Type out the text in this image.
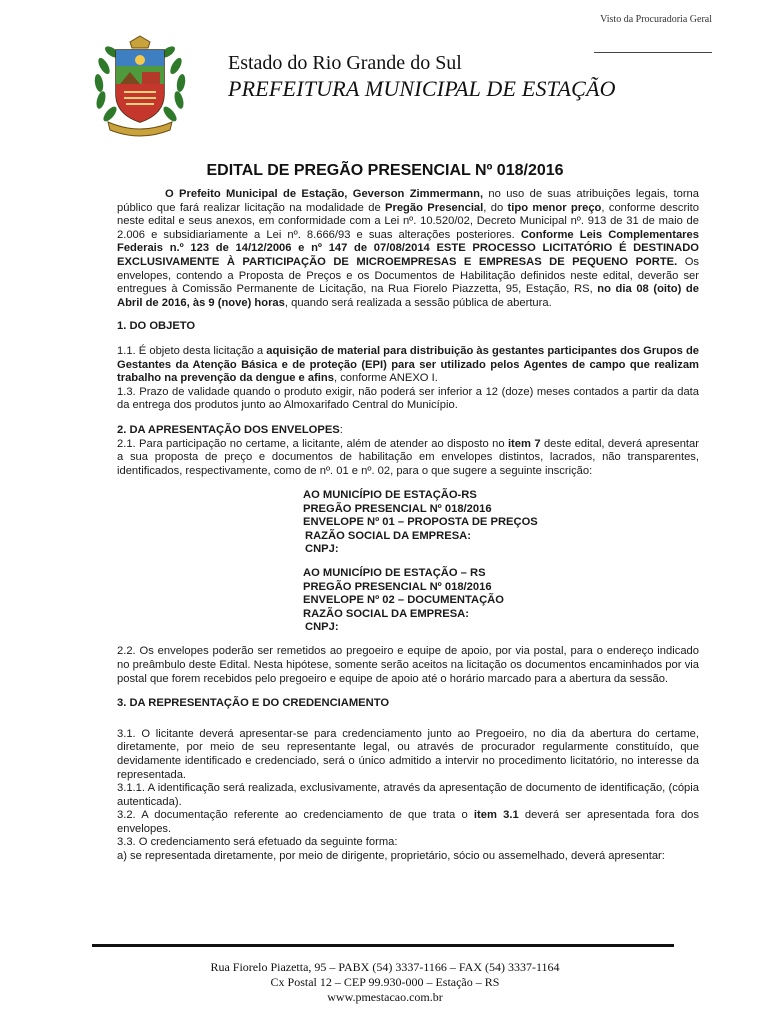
Visto da Procuradoria Geral
Estado do Rio Grande do Sul
PREFEITURA MUNICIPAL DE ESTAÇÃO
EDITAL DE PREGÃO PRESENCIAL Nº 018/2016

O Prefeito Municipal de Estação, Geverson Zimmermann, no uso de suas atribuições legais, torna público que fará realizar licitação na modalidade de Pregão Presencial, do tipo menor preço, conforme descrito neste edital e seus anexos, em conformidade com a Lei nº. 10.520/02, Decreto Municipal nº. 913 de 31 de maio de 2.006 e subsidiariamente a Lei nº. 8.666/93 e suas alterações posteriores. Conforme Leis Complementares Federais n.º 123 de 14/12/2006 e nº 147 de 07/08/2014 ESTE PROCESSO LICITATÓRIO É DESTINADO EXCLUSIVAMENTE À PARTICIPAÇÃO DE MICROEMPRESAS E EMPRESAS DE PEQUENO PORTE. Os envelopes, contendo a Proposta de Preços e os Documentos de Habilitação definidos neste edital, deverão ser entregues à Comissão Permanente de Licitação, na Rua Fiorelo Piazzetta, 95, Estação, RS, no dia 08 (oito) de Abril de 2016, às 9 (nove) horas, quando será realizada a sessão pública de abertura.

1. DO OBJETO

1.1. É objeto desta licitação a aquisição de material para distribuição às gestantes participantes dos Grupos de Gestantes da Atenção Básica e de proteção (EPI) para ser utilizado pelos Agentes de campo que realizam trabalho na prevenção da dengue e afins, conforme ANEXO I.

1.3. Prazo de validade quando o produto exigir, não poderá ser inferior a 12 (doze) meses contados a partir da data da entrega dos produtos junto ao Almoxarifado Central do Município.

2. DA APRESENTAÇÃO DOS ENVELOPES:

2.1. Para participação no certame, a licitante, além de atender ao disposto no item 7 deste edital, deverá apresentar a sua proposta de preço e documentos de habilitação em envelopes distintos, lacrados, não transparentes, identificados, respectivamente, como de nº. 01 e nº. 02, para o que sugere a seguinte inscrição:

AO MUNICÍPIO DE ESTAÇÃO-RS
PREGÃO PRESENCIAL Nº 018/2016
ENVELOPE Nº 01 – PROPOSTA DE PREÇOS
RAZÃO SOCIAL DA EMPRESA:
CNPJ:
AO MUNICÍPIO DE ESTAÇÃO – RS
PREGÃO PRESENCIAL Nº 018/2016
ENVELOPE Nº 02 – DOCUMENTAÇÃO
RAZÃO SOCIAL DA EMPRESA:
CNPJ:

2.2. Os envelopes poderão ser remetidos ao pregoeiro e equipe de apoio, por via postal, para o endereço indicado no preâmbulo deste Edital. Nesta hipótese, somente serão aceitos na licitação os documentos encaminhados por via postal que forem recebidos pelo pregoeiro e equipe de apoio até o horário marcado para a abertura da sessão.

3. DA REPRESENTAÇÃO E DO CREDENCIAMENTO

3.1. O licitante deverá apresentar-se para credenciamento junto ao Pregoeiro, no dia da abertura do certame, diretamente, por meio de seu representante legal, ou através de procurador regularmente constituído, que devidamente identificado e credenciado, será o único admitido a intervir no procedimento licitatório, no interesse da representada.

3.1.1. A identificação será realizada, exclusivamente, através da apresentação de documento de identificação, (cópia autenticada).

3.2. A documentação referente ao credenciamento de que trata o item 3.1 deverá ser apresentada fora dos envelopes.

3.3. O credenciamento será efetuado da seguinte forma:

a) se representada diretamente, por meio de dirigente, proprietário, sócio ou assemelhado, deverá apresentar:

Rua Fiorelo Piazetta, 95 – PABX (54) 3337-1166 – FAX (54) 3337-1164
Cx Postal 12 – CEP 99.930-000 – Estação – RS
www.pmestacao.com.br
